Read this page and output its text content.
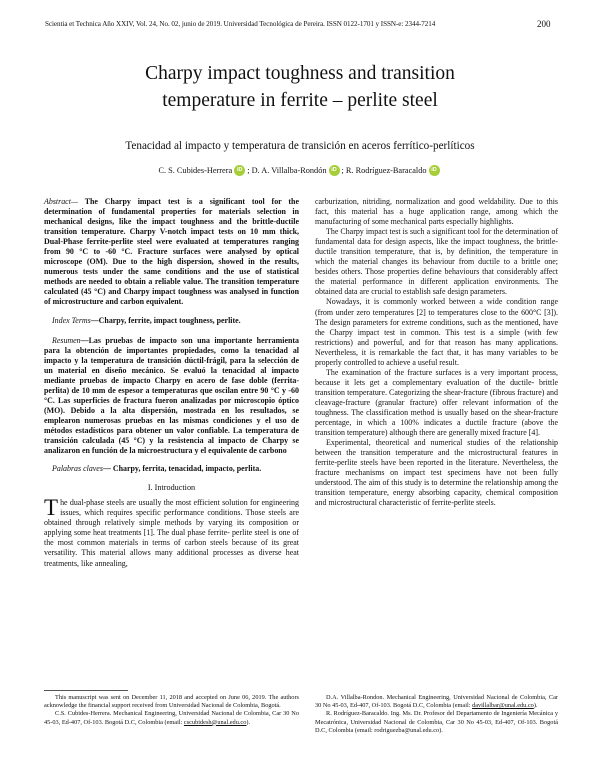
Scientia et Technica Año XXIV, Vol. 24, No. 02, junio de 2019. Universidad Tecnológica de Pereira. ISSN 0122-1701 y ISSN-e: 2344-7214	200
Charpy impact toughness and transition
temperature in ferrite – perlite steel
Tenacidad al impacto y temperatura de transición en aceros ferrítico-perlíticos
C. S. Cubides-Herrera iD ; D. A. Villalba-Rondón iD ; R. Rodríguez-Baracaldo iD

Abstract— The Charpy impact test is a significant tool for the determination of fundamental properties for materials selection in mechanical designs, like the impact toughness and the brittle-ductile transition temperature. Charpy V-notch impact tests on 10 mm thick, Dual-Phase ferrite-perlite steel were evaluated at temperatures ranging from 90 °C to -60 °C. Fracture surfaces were analysed by optical microscope (OM). Due to the high dispersion, showed in the results, numerous tests under the same conditions and the use of statistical methods are needed to obtain a reliable value. The transition temperature calculated (45 °C) and Charpy impact toughness was analysed in function of microstructure and carbon equivalent.

Index Terms—Charpy, ferrite, impact toughness, perlite.

Resumen—Las pruebas de impacto son una importante herramienta para la obtención de importantes propiedades, como la tenacidad al impacto y la temperatura de transición dúctil-frágil, para la selección de un material en diseño mecánico. Se evaluó la tenacidad al impacto mediante pruebas de impacto Charpy en acero de fase doble (ferrita-perlita) de 10 mm de espesor a temperaturas que oscilan entre 90 °C y -60 °C. Las superficies de fractura fueron analizadas por microscopio óptico (MO). Debido a la alta dispersión, mostrada en los resultados, se emplearon numerosas pruebas en las mismas condiciones y el uso de métodos estadísticos para obtener un valor confiable. La temperatura de transición calculada (45 °C) y la resistencia al impacto de Charpy se analizaron en función de la microestructura y el equivalente de carbono

Palabras claves— Charpy, ferrita, tenacidad, impacto, perlita.

I. Introduction

The dual-phase steels are usually the most efficient solution for engineering issues, which requires specific performance conditions. Those steels are obtained through relatively simple methods by varying its composition or applying some heat treatments [1]. The dual phase ferrite- perlite steel is one of the most common materials in terms of carbon steels because of its great versatility. This material allows many additional processes as diverse heat treatments, like annealing,

carburization, nitriding, normalization and good weldability. Due to this fact, this material has a huge application range, among which the manufacturing of some mechanical parts especially highlights.

The Charpy impact test is such a significant tool for the determination of fundamental data for design aspects, like the impact toughness, the brittle-ductile transition temperature, that is, by definition, the temperature in which the material changes its behaviour from ductile to a brittle one; besides others. Those properties define behaviours that considerably affect the material performance in different application environments. The obtained data are crucial to establish safe design parameters.

Nowadays, it is commonly worked between a wide condition range (from under zero temperatures [2] to temperatures close to the 600°C [3]). The design parameters for extreme conditions, such as the mentioned, have the Charpy impact test in common. This test is a simple (with few restrictions) and powerful, and for that reason has many applications. Nevertheless, it is remarkable the fact that, it has many variables to be properly controlled to achieve a useful result.

The examination of the fracture surfaces is a very important process, because it lets get a complementary evaluation of the ductile- brittle transition temperature. Categorizing the shear-fracture (fibrous fracture) and cleavage-fracture (granular fracture) offer relevant information of the toughness. The classification method is usually based on the shear-fracture percentage, in which a 100% indicates a ductile fracture (above the transition temperature) although there are generally mixed fracture [4].

Experimental, theoretical and numerical studies of the relationship between the transition temperature and the microstructural features in ferrite-perlite steels have been reported in the literature. Nevertheless, the fracture mechanisms on impact test specimens have not been fully understood. The aim of this study is to determine the relationship among the transition temperature, energy absorbing capacity, chemical composition and microstructural characteristic of ferrite-perlite steels.

This manuscript was sent on December 11, 2018 and accepted on June 06, 2019. The authors acknowledge the financial support received from Universidad Nacional de Colombia, Bogotá.

C.S. Cubides-Herrera. Mechanical Engineering, Universidad Nacional de Colombia, Car 30 No 45-03, Ed-407, Of-103. Bogotá D.C, Colombia (email: cscubidesh@unal.edu.co).

D.A. Villalba-Rondon. Mechanical Engineering, Universidad Nacional de Colombia, Car 30 No 45-03, Ed-407, Of-103. Bogotá D.C, Colombia (email: davillalbar@unal.edu.co).

R. Rodríguez-Baracaldo. Ing. Ms. Dr. Profesor del Departamento de Ingeniería Mecánica y Mecatrónica, Universidad Nacional de Colombia, Car 30 No 45-03, Ed-407, Of-103. Bogotá D.C, Colombia (email: rodriguezba@unal.edu.co).
